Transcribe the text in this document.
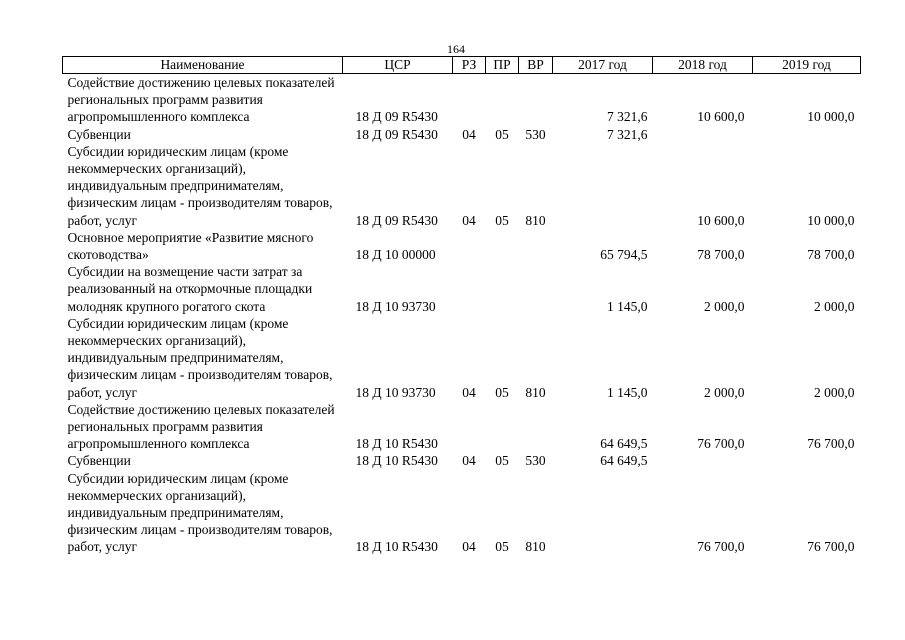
164
Наименование	ЦСР	РЗ	ПР	ВР	2017 год	2018 год	2019 год
Содействие достижению целевых показателей региональных программ развития агропромышленного комплекса	18 Д 09 R5430				7 321,6	10 600,0	10 000,0
Субвенции	18 Д 09 R5430	04	05	530	7 321,6		
Субсидии юридическим лицам (кроме некоммерческих организаций), индивидуальным предпринимателям, физическим лицам - производителям товаров, работ, услуг	18 Д 09 R5430	04	05	810		10 600,0	10 000,0
Основное мероприятие «Развитие мясного скотоводства»	18 Д 10 00000				65 794,5	78 700,0	78 700,0
Субсидии на возмещение части затрат за реализованный на откормочные площадки молодняк крупного рогатого скота	18 Д 10 93730				1 145,0	2 000,0	2 000,0
Субсидии юридическим лицам (кроме некоммерческих организаций), индивидуальным предпринимателям, физическим лицам - производителям товаров, работ, услуг	18 Д 10 93730	04	05	810	1 145,0	2 000,0	2 000,0
Содействие достижению целевых показателей региональных программ развития агропромышленного комплекса	18 Д 10 R5430				64 649,5	76 700,0	76 700,0
Субвенции	18 Д 10 R5430	04	05	530	64 649,5		
Субсидии юридическим лицам (кроме некоммерческих организаций), индивидуальным предпринимателям, физическим лицам - производителям товаров, работ, услуг	18 Д 10 R5430	04	05	810		76 700,0	76 700,0
